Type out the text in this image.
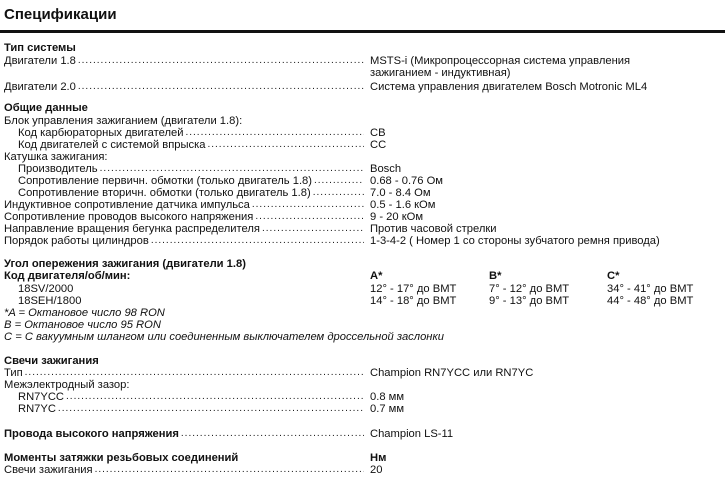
Спецификации
Тип системы
Двигатели 1.8 .....	MSTS-i (Микропроцессорная система управления
зажиганием - индуктивная)
Двигатели 2.0 .....	Система управления двигателем Bosch Motronic ML4
Общие данные
Блок управления зажиганием (двигатели 1.8):
Код карбюраторных двигателей .....	CB
Код двигателей с системой впрыска .....	CC
Катушка зажигания:
Производитель .....	Bosch
Сопротивление первичн. обмотки (только двигатель 1.8) .....	0.68 - 0.76 Ом
Сопротивление вторичн. обмотки (только двигатель 1.8) .....	7.0 - 8.4 Ом
Индуктивное сопротивление датчика импульса .....	0.5 - 1.6 кОм
Сопротивление проводов высокого напряжения .....	9 - 20 кОм
Направление вращения бегунка распределителя .....	Против часовой стрелки
Порядок работы цилиндров .....	1-3-4-2 ( Номер 1 со стороны зубчатого ремня привода)
Угол опережения зажигания (двигатели 1.8)
Код двигателя/об/мин:	A*	B*	C*
18SV/2000	12° - 17° до BMT	7° - 12° до BMT	34° - 41° до BMT
18SEH/1800	14° - 18° до BMT	9° - 13° до BMT	44° - 48° до BMT
*A = Октановое число 98 RON
B = Октановое число 95 RON
C = С вакуумным шлангом или соединенным выключателем дроссельной заслонки
Свечи зажигания
Тип .....	Champion RN7YCC или RN7YC
Межэлектродный зазор:
RN7YCC .....	0.8 мм
RN7YC .....	0.7 мм
Провода высокого напряжения .....	Champion LS-11
Моменты затяжки резьбовых соединений	Нм
Свечи зажигания .....	20
